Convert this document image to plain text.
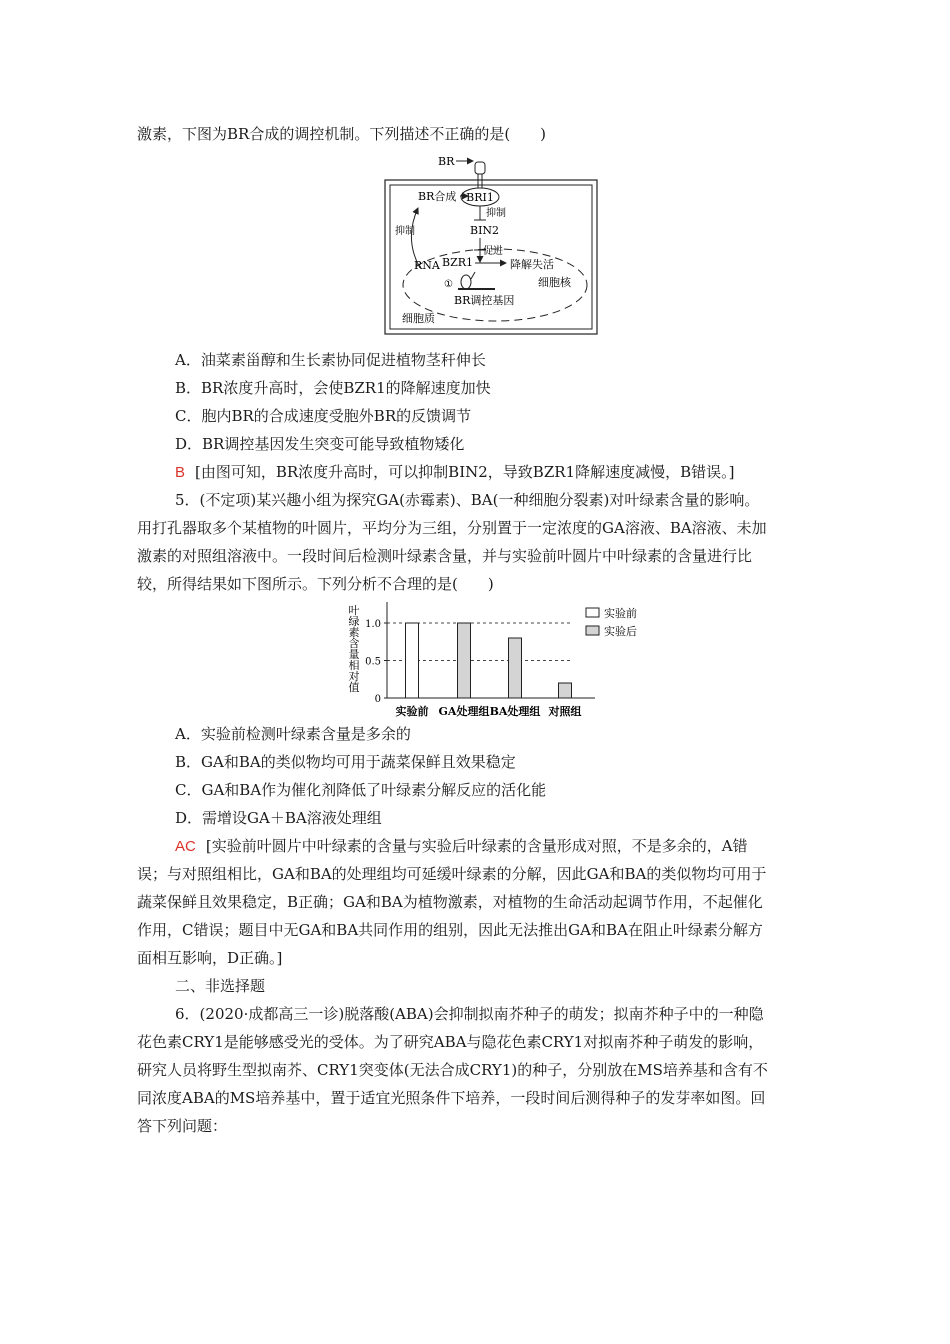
激素，下图为BR合成的调控机制。下列描述不正确的是(　　)
BRI1
BR
BR合成
抑制
BIN2
促进
RNA BZR1	降解失活
细胞核
①
BR调控基因
抑制
细胞质
A．油菜素甾醇和生长素协同促进植物茎秆伸长
B．BR浓度升高时，会使BZR1的降解速度加快
C．胞内BR的合成速度受胞外BR的反馈调节
D．BR调控基因发生突变可能导致植物矮化
B [由图可知，BR浓度升高时，可以抑制BIN2，导致BZR1降解速度减慢，B错误。]
5．(不定项)某兴趣小组为探究GA(赤霉素)、BA(一种细胞分裂素)对叶绿素含量的影响。
用打孔器取多个某植物的叶圆片，平均分为三组，分别置于一定浓度的GA溶液、BA溶液、未加
激素的对照组溶液中。一段时间后检测叶绿素含量，并与实验前叶圆片中叶绿素的含量进行比
较，所得结果如下图所示。下列分析不合理的是(　　)
叶
绿
素
含
量
相
对
值
0
0.5
1.0
实验前 GA处理组 BA处理组 对照组
实验前
实验后
A．实验前检测叶绿素含量是多余的
B．GA和BA的类似物均可用于蔬菜保鲜且效果稳定
C．GA和BA作为催化剂降低了叶绿素分解反应的活化能
D．需增设GA＋BA溶液处理组
AC [实验前叶圆片中叶绿素的含量与实验后叶绿素的含量形成对照，不是多余的，A错
误；与对照组相比，GA和BA的处理组均可延缓叶绿素的分解，因此GA和BA的类似物均可用于
蔬菜保鲜且效果稳定，B正确；GA和BA为植物激素，对植物的生命活动起调节作用，不起催化
作用，C错误；题目中无GA和BA共同作用的组别，因此无法推出GA和BA在阻止叶绿素分解方
面相互影响，D正确。]
二、非选择题
6．(2020·成都高三一诊)脱落酸(ABA)会抑制拟南芥种子的萌发；拟南芥种子中的一种隐
花色素CRY1是能够感受光的受体。为了研究ABA与隐花色素CRY1对拟南芥种子萌发的影响，
研究人员将野生型拟南芥、CRY1突变体(无法合成CRY1)的种子，分别放在MS培养基和含有不
同浓度ABA的MS培养基中，置于适宜光照条件下培养，一段时间后测得种子的发芽率如图。回
答下列问题：
